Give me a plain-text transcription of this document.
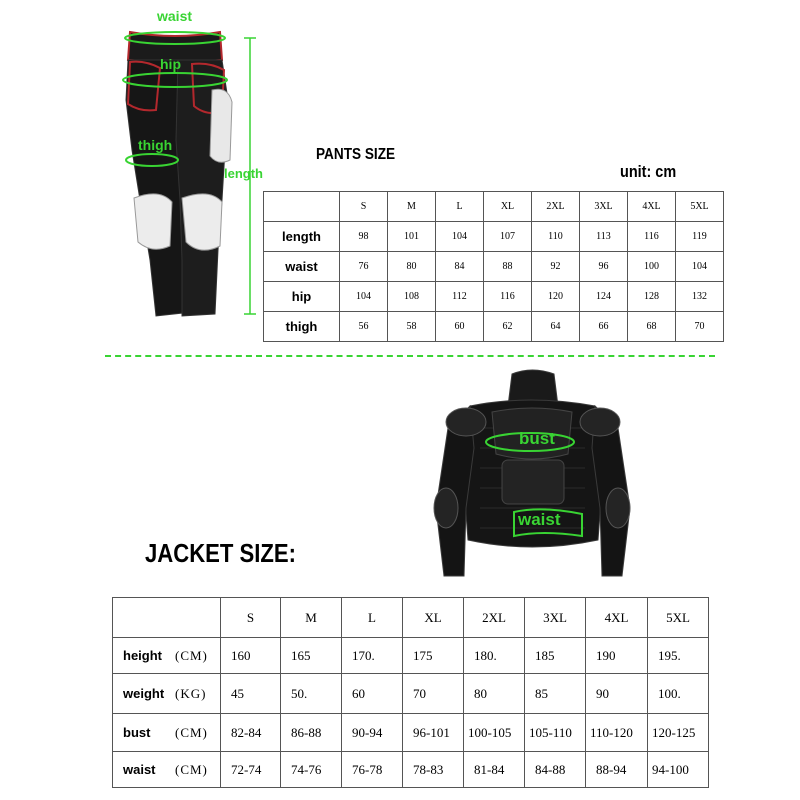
waist
hip
thigh
length
PANTS SIZE
unit: cm
	S	M	L	XL	2XL	3XL	4XL	5XL
length	98	101	104	107	110	113	116	119
waist	76	80	84	88	92	96	100	104
hip	104	108	112	116	120	124	128	132
thigh	56	58	60	62	64	66	68	70
bust
waist
JACKET SIZE:
	S	M	L	XL	2XL	3XL	4XL	5XL
height (CM)	160	165	170.	175	180.	185	190	195.
weight (KG)	45	50.	60	70	80	85	90	100.
bust (CM)	82-84	86-88	90-94	96-101	100-105	105-110	110-120	120-125
waist (CM)	72-74	74-76	76-78	78-83	81-84	84-88	88-94	94-100
